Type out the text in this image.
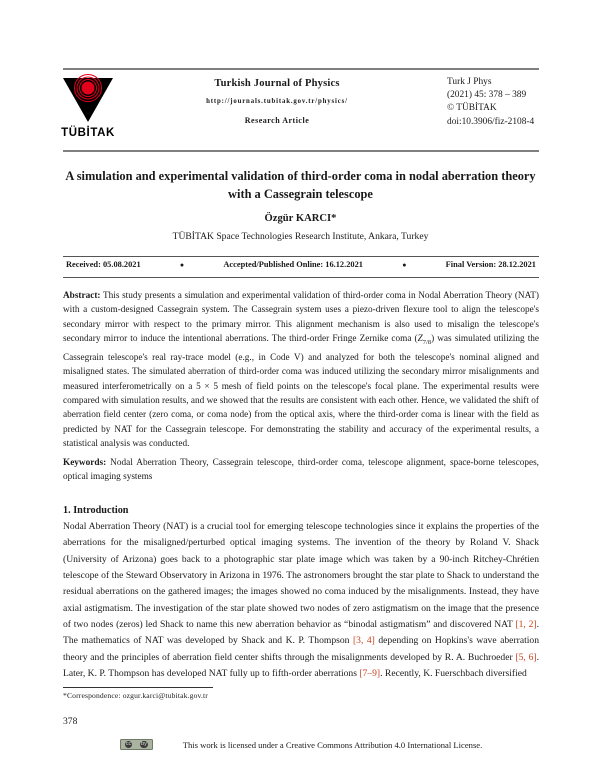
TÜBİTAK
Turkish Journal of Physics
http://journals.tubitak.gov.tr/physics/
Research Article
Turk J Phys
(2021) 45: 378 – 389
© TÜBİTAK
doi:10.3906/fiz-2108-4
A simulation and experimental validation of third-order coma in nodal aberration theory with a Cassegrain telescope
Özgür KARCI*
TÜBİTAK Space Technologies Research Institute, Ankara, Turkey
Received: 05.08.2021	●	Accepted/Published Online: 16.12.2021	●	Final Version: 28.12.2021
Abstract: This study presents a simulation and experimental validation of third-order coma in Nodal Aberration Theory (NAT) with a custom-designed Cassegrain system. The Cassegrain system uses a piezo-driven flexure tool to align the telescope's secondary mirror with respect to the primary mirror. This alignment mechanism is also used to misalign the telescope's secondary mirror to induce the intentional aberrations. The third-order Fringe Zernike coma $(Z_{7/8})$ was simulated utilizing the Cassegrain telescope's real ray-trace model (e.g., in Code V) and analyzed for both the telescope's nominal aligned and misaligned states. The simulated aberration of third-order coma was induced utilizing the secondary mirror misalignments and measured interferometrically on a 5 × 5 mesh of field points on the telescope's focal plane. The experimental results were compared with simulation results, and we showed that the results are consistent with each other. Hence, we validated the shift of aberration field center (zero coma, or coma node) from the optical axis, where the third-order coma is linear with the field as predicted by NAT for the Cassegrain telescope. For demonstrating the stability and accuracy of the experimental results, a statistical analysis was conducted.
Keywords: Nodal Aberration Theory, Cassegrain telescope, third-order coma, telescope alignment, space-borne telescopes, optical imaging systems
1. Introduction
Nodal Aberration Theory (NAT) is a crucial tool for emerging telescope technologies since it explains the properties of the aberrations for the misaligned/perturbed optical imaging systems. The invention of the theory by Roland V. Shack (University of Arizona) goes back to a photographic star plate image which was taken by a 90-inch Ritchey-Chrétien telescope of the Steward Observatory in Arizona in 1976. The astronomers brought the star plate to Shack to understand the residual aberrations on the gathered images; the images showed no coma induced by the misalignments. Instead, they have axial astigmatism. The investigation of the star plate showed two nodes of zero astigmatism on the image that the presence of two nodes (zeros) led Shack to name this new aberration behavior as “binodal astigmatism” and discovered NAT [1, 2]. The mathematics of NAT was developed by Shack and K. P. Thompson [3, 4] depending on Hopkins's wave aberration theory and the principles of aberration field center shifts through the misalignments developed by R. A. Buchroeder [5, 6]. Later, K. P. Thompson has developed NAT fully up to fifth-order aberrations [7–9]. Recently, K. Fuerschbach diversified
*Correspondence: ozgur.karci@tubitak.gov.tr
378
cc by	This work is licensed under a Creative Commons Attribution 4.0 International License.
